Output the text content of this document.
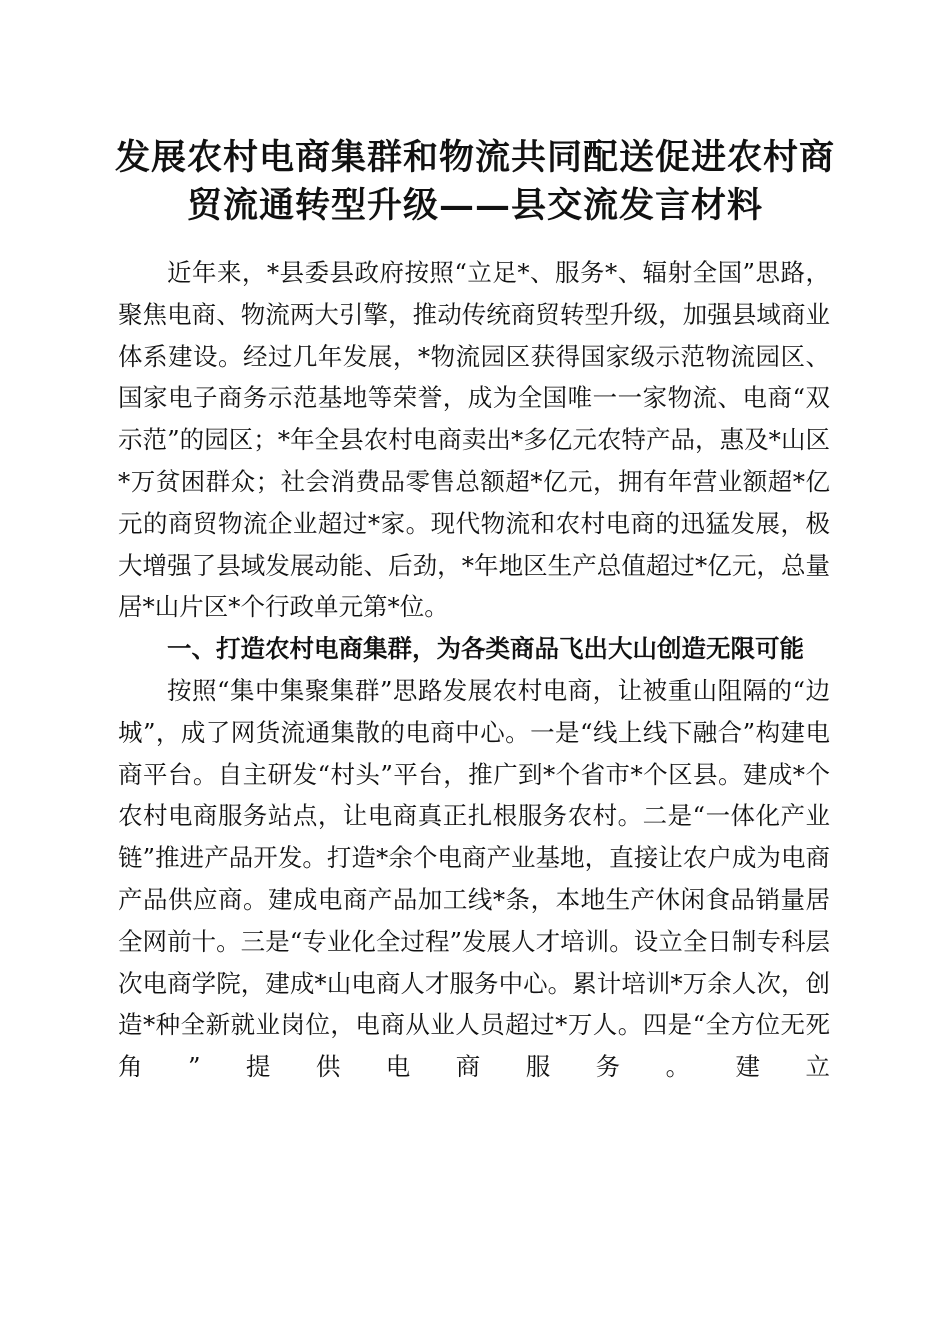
发展农村电商集群和物流共同配送促进农村商
贸流通转型升级——县交流发言材料

近年来，*县委县政府按照“立足*、服务*、辐射全国”思路，聚焦电商、物流两大引擎，推动传统商贸转型升级，加强县域商业体系建设。经过几年发展，*物流园区获得国家级示范物流园区、国家电子商务示范基地等荣誉，成为全国唯一一家物流、电商“双示范”的园区；*年全县农村电商卖出*多亿元农特产品，惠及*山区*万贫困群众；社会消费品零售总额超*亿元，拥有年营业额超*亿元的商贸物流企业超过*家。现代物流和农村电商的迅猛发展，极大增强了县域发展动能、后劲，*年地区生产总值超过*亿元，总量居*山片区*个行政单元第*位。

一、打造农村电商集群，为各类商品飞出大山创造无限可能

按照“集中集聚集群”思路发展农村电商，让被重山阻隔的“边城”，成了网货流通集散的电商中心。一是“线上线下融合”构建电商平台。自主研发“村头”平台，推广到*个省市*个区县。建成*个农村电商服务站点，让电商真正扎根服务农村。二是“一体化产业链”推进产品开发。打造*余个电商产业基地，直接让农户成为电商产品供应商。建成电商产品加工线*条，本地生产休闲食品销量居全网前十。三是“专业化全过程”发展人才培训。设立全日制专科层次电商学院，建成*山电商人才服务中心。累计培训*万余人次，创造*种全新就业岗位，电商从业人员超过*万人。四是“全方位无死角”提供电商服务。建立
